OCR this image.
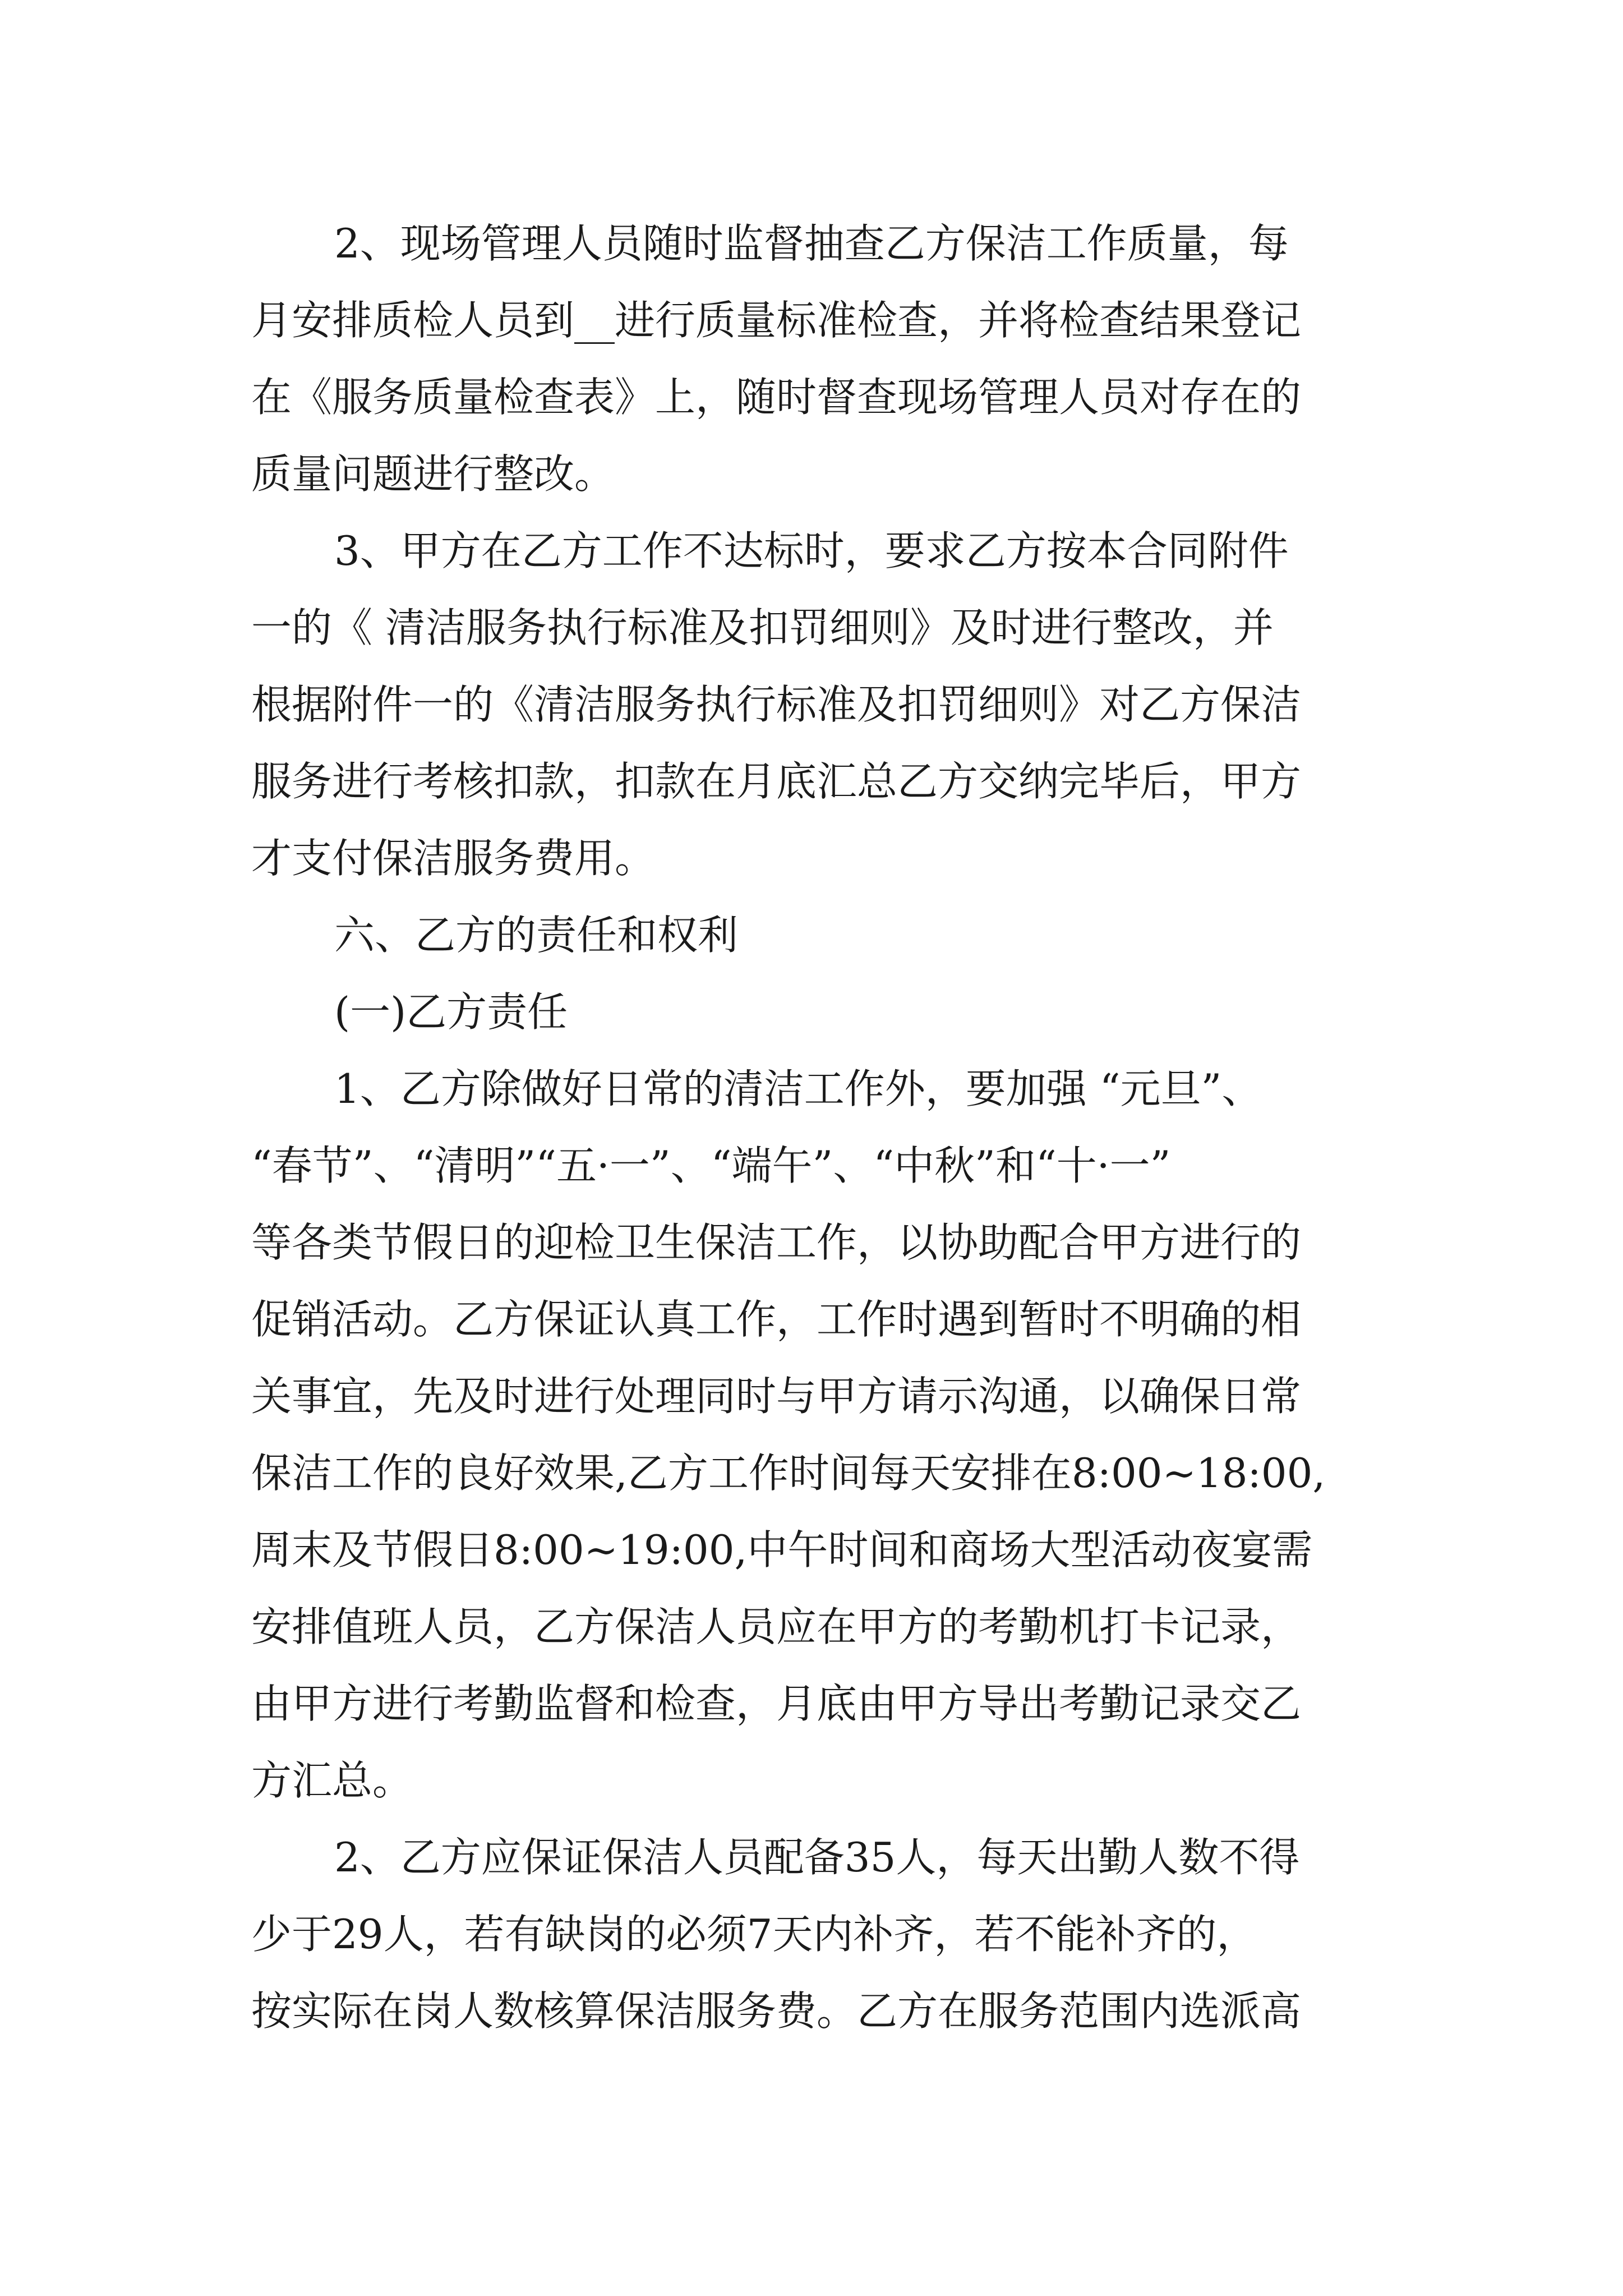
2、现场管理人员随时监督抽查乙方保洁工作质量，每

月安排质检人员到__进行质量标准检查，并将检查结果登记

在《服务质量检查表》上，随时督查现场管理人员对存在的

质量问题进行整改。

3、甲方在乙方工作不达标时，要求乙方按本合同附件

一的《 清洁服务执行标准及扣罚细则》及时进行整改，并

根据附件一的《清洁服务执行标准及扣罚细则》对乙方保洁

服务进行考核扣款，扣款在月底汇总乙方交纳完毕后，甲方

才支付保洁服务费用。

六、乙方的责任和权利

(一)乙方责任

1、乙方除做好日常的清洁工作外，要加强 “元旦”、

“春节”、“清明”“五·一”、“端午”、“中秋”和“十·一”

等各类节假日的迎检卫生保洁工作，以协助配合甲方进行的

促销活动。乙方保证认真工作，工作时遇到暂时不明确的相

关事宜，先及时进行处理同时与甲方请示沟通，以确保日常

保洁工作的良好效果,乙方工作时间每天安排在8:00~18:00,

周末及节假日8:00~19:00,中午时间和商场大型活动夜宴需

安排值班人员，乙方保洁人员应在甲方的考勤机打卡记录，

由甲方进行考勤监督和检查，月底由甲方导出考勤记录交乙

方汇总。

2、乙方应保证保洁人员配备35人，每天出勤人数不得

少于29人，若有缺岗的必须7天内补齐，若不能补齐的，

按实际在岗人数核算保洁服务费。乙方在服务范围内选派高
